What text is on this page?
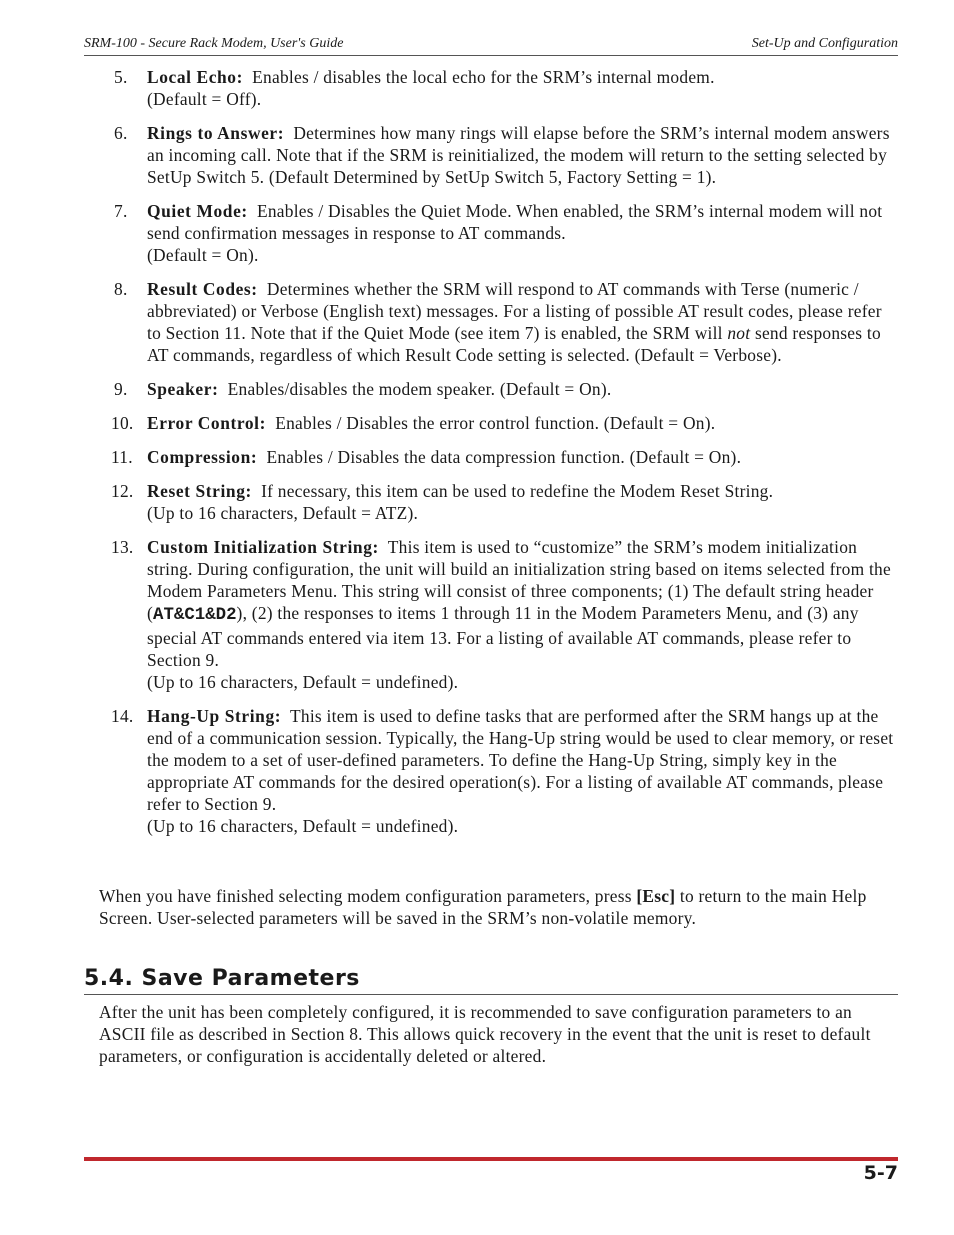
SRM-100 - Secure Rack Modem, User's Guide	Set-Up and Configuration
5. Local Echo: Enables / disables the local echo for the SRM’s internal modem.
(Default = Off).
6. Rings to Answer: Determines how many rings will elapse before the SRM’s internal modem answers an incoming call. Note that if the SRM is reinitialized, the modem will return to the setting selected by SetUp Switch 5. (Default Determined by SetUp Switch 5, Factory Setting = 1).
7. Quiet Mode: Enables / Disables the Quiet Mode. When enabled, the SRM’s internal modem will not send confirmation messages in response to AT commands.
(Default = On).
8. Result Codes: Determines whether the SRM will respond to AT commands with Terse (numeric / abbreviated) or Verbose (English text) messages. For a listing of possible AT result codes, please refer to Section 11. Note that if the Quiet Mode (see item 7) is enabled, the SRM will not send responses to AT commands, regardless of which Result Code setting is selected. (Default = Verbose).
9. Speaker: Enables/disables the modem speaker. (Default = On).
10. Error Control: Enables / Disables the error control function. (Default = On).
11. Compression: Enables / Disables the data compression function. (Default = On).
12. Reset String: If necessary, this item can be used to redefine the Modem Reset String.
(Up to 16 characters, Default = ATZ).
13. Custom Initialization String: This item is used to “customize” the SRM’s modem initialization string. During configuration, the unit will build an initialization string based on items selected from the Modem Parameters Menu. This string will consist of three components; (1) The default string header (AT&C1&D2), (2) the responses to items 1 through 11 in the Modem Parameters Menu, and (3) any special AT commands entered via item 13. For a listing of available AT commands, please refer to Section 9.
(Up to 16 characters, Default = undefined).
14. Hang-Up String: This item is used to define tasks that are performed after the SRM hangs up at the end of a communication session. Typically, the Hang-Up string would be used to clear memory, or reset the modem to a set of user-defined parameters. To define the Hang-Up String, simply key in the appropriate AT commands for the desired operation(s). For a listing of available AT commands, please refer to Section 9.
(Up to 16 characters, Default = undefined).

When you have finished selecting modem configuration parameters, press [Esc] to return to the main Help Screen. User-selected parameters will be saved in the SRM’s non-volatile memory.

5.4. Save Parameters

After the unit has been completely configured, it is recommended to save configuration parameters to an ASCII file as described in Section 8. This allows quick recovery in the event that the unit is reset to default parameters, or configuration is accidentally deleted or altered.

5-7
